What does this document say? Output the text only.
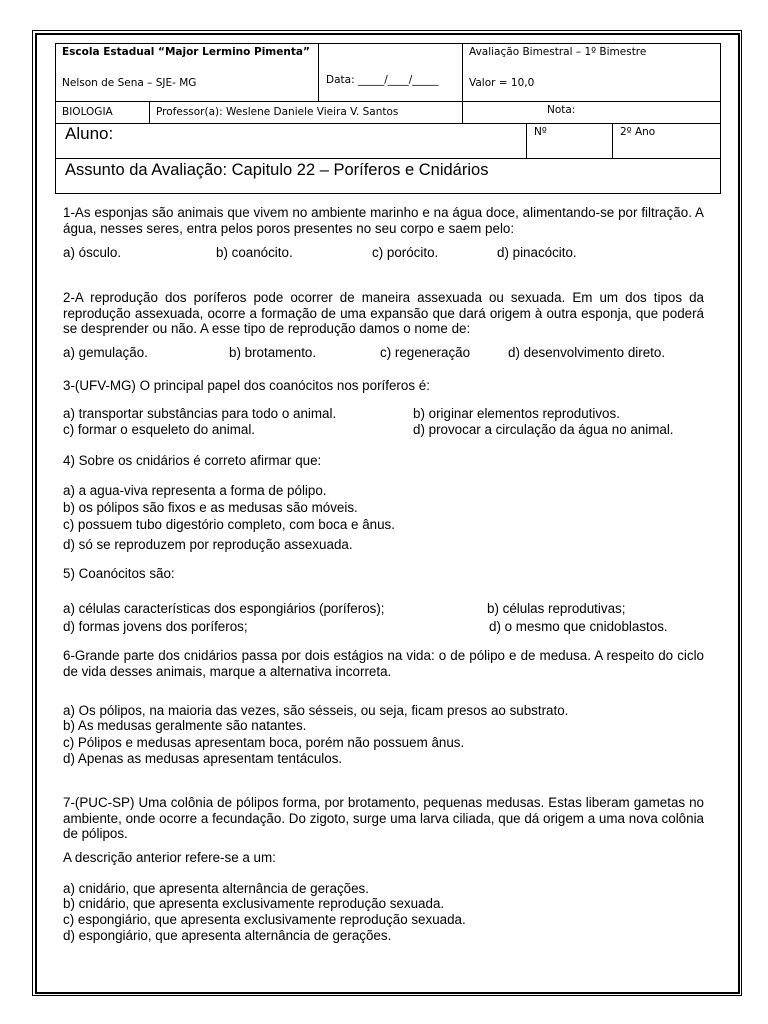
Escola Estadual “Major Lermino Pimenta”
Nelson de Sena – SJE- MG	Data: _____/____/_____
Avaliação Bimestral – 1º Bimestre
Valor = 10,0
BIOLOGIA	Professor(a): Weslene Daniele Vieira V. Santos	Nota:
Aluno:	Nº	2º Ano
Assunto da Avaliação: Capitulo 22 – Poríferos e Cnidários
1-As esponjas são animais que vivem no ambiente marinho e na água doce, alimentando-se por filtração. A água, nesses seres, entra pelos poros presentes no seu corpo e saem pelo:
a) ósculo.	b) coanócito.	c) porócito.	d) pinacócito.
2-A reprodução dos poríferos pode ocorrer de maneira assexuada ou sexuada. Em um dos tipos da reprodução assexuada, ocorre a formação de uma expansão que dará origem à outra esponja, que poderá se desprender ou não. A esse tipo de reprodução damos o nome de:
a) gemulação.	b) brotamento.	c) regeneração	d) desenvolvimento direto.
3-(UFV-MG) O principal papel dos coanócitos nos poríferos é:
a) transportar substâncias para todo o animal.	b) originar elementos reprodutivos.
c) formar o esqueleto do animal.	d) provocar a circulação da água no animal.
4) Sobre os cnidários é correto afirmar que:
a) a agua-viva representa a forma de pólipo.
b) os pólipos são fixos e as medusas são móveis.
c) possuem tubo digestório completo, com boca e ânus.
d) só se reproduzem por reprodução assexuada.
5) Coanócitos são:
a) células características dos espongiários (poríferos);	b) células reprodutivas;
d) formas jovens dos poríferos;	d) o mesmo que cnidoblastos.
6-Grande parte dos cnidários passa por dois estágios na vida: o de pólipo e de medusa. A respeito do ciclo de vida desses animais, marque a alternativa incorreta.
a) Os pólipos, na maioria das vezes, são sésseis, ou seja, ficam presos ao substrato.
b) As medusas geralmente são natantes.
c) Pólipos e medusas apresentam boca, porém não possuem ânus.
d) Apenas as medusas apresentam tentáculos.
7-(PUC-SP) Uma colônia de pólipos forma, por brotamento, pequenas medusas. Estas liberam gametas no ambiente, onde ocorre a fecundação. Do zigoto, surge uma larva ciliada, que dá origem a uma nova colônia de pólipos.
A descrição anterior refere-se a um:
a) cnidário, que apresenta alternância de gerações.
b) cnidário, que apresenta exclusivamente reprodução sexuada.
c) espongiário, que apresenta exclusivamente reprodução sexuada.
d) espongiário, que apresenta alternância de gerações.
